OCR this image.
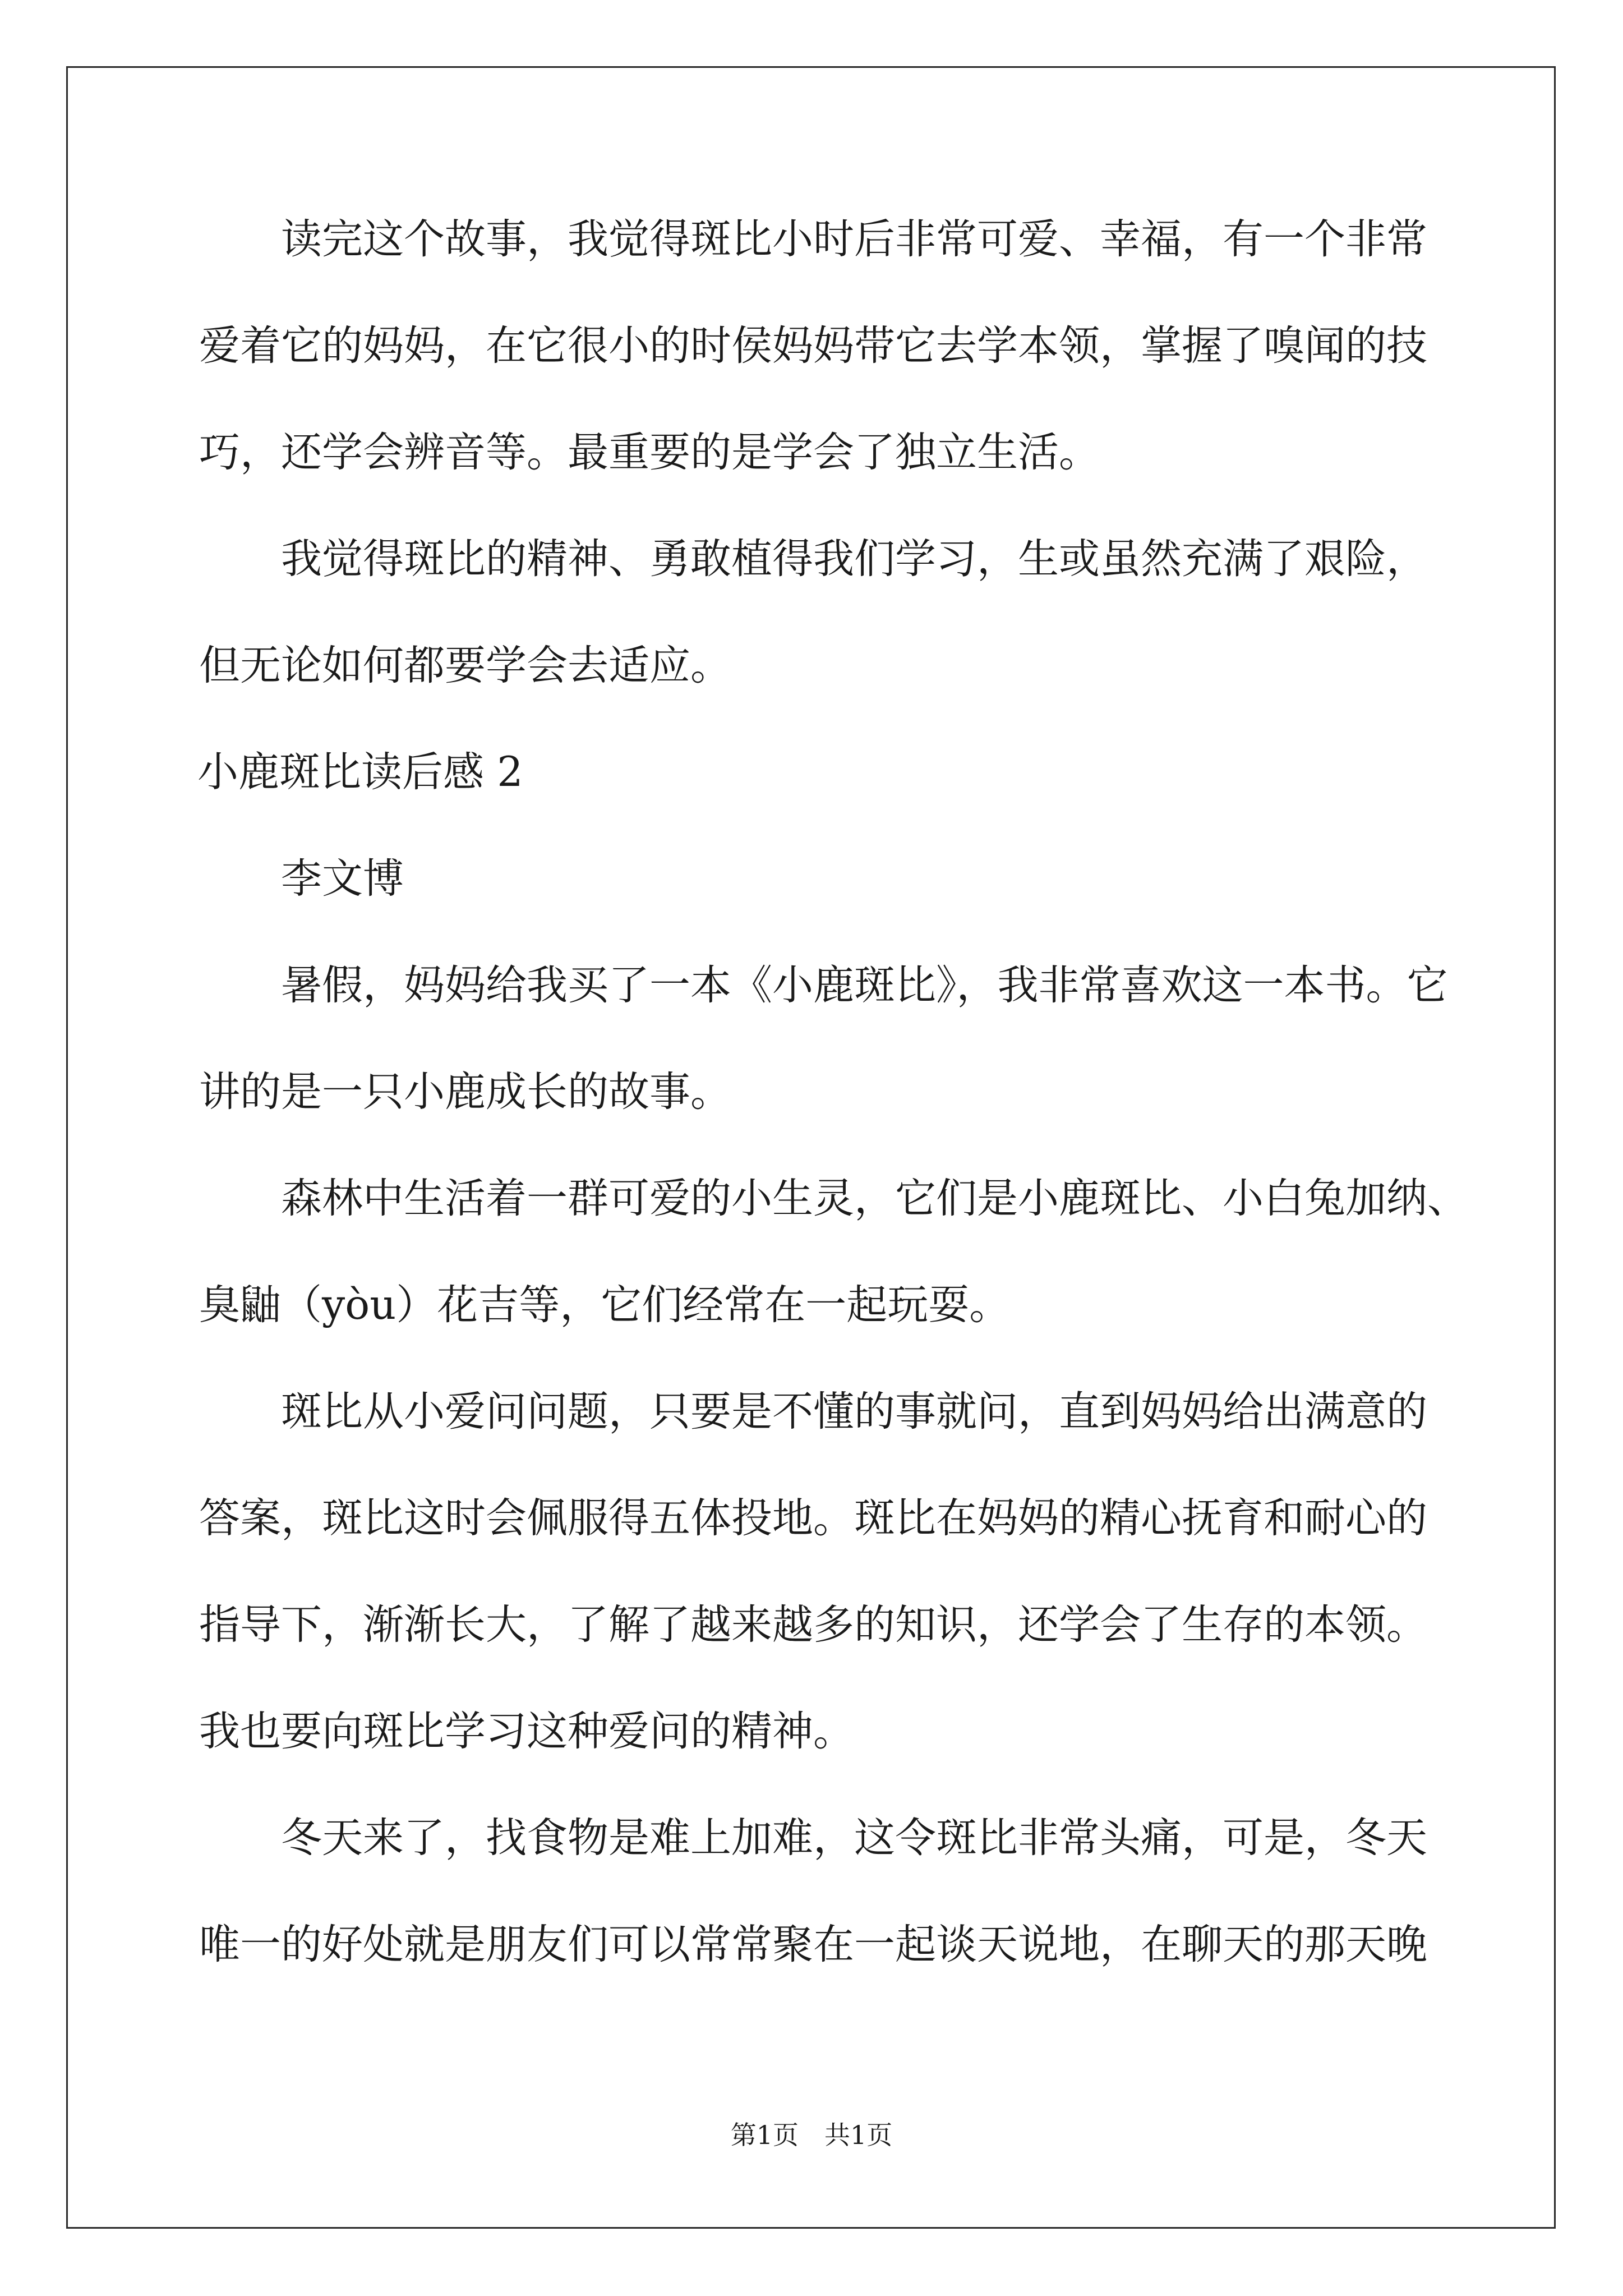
读完这个故事，我觉得斑比小时后非常可爱、幸福，有一个非常
爱着它的妈妈，在它很小的时侯妈妈带它去学本领，掌握了嗅闻的技
巧，还学会辨音等。最重要的是学会了独立生活。
我觉得斑比的精神、勇敢植得我们学习，生或虽然充满了艰险，
但无论如何都要学会去适应。
小鹿斑比读后感 2
李文博
暑假，妈妈给我买了一本《小鹿斑比》，我非常喜欢这一本书。它
讲的是一只小鹿成长的故事。
森林中生活着一群可爱的小生灵，它们是小鹿斑比、小白兔加纳、
臭鼬（yòu）花吉等，它们经常在一起玩耍。
斑比从小爱问问题，只要是不懂的事就问，直到妈妈给出满意的
答案，斑比这时会佩服得五体投地。斑比在妈妈的精心抚育和耐心的
指导下，渐渐长大，了解了越来越多的知识，还学会了生存的本领。
我也要向斑比学习这种爱问的精神。
冬天来了，找食物是难上加难，这令斑比非常头痛，可是，冬天
唯一的好处就是朋友们可以常常聚在一起谈天说地，在聊天的那天晚
第1页 共1页
